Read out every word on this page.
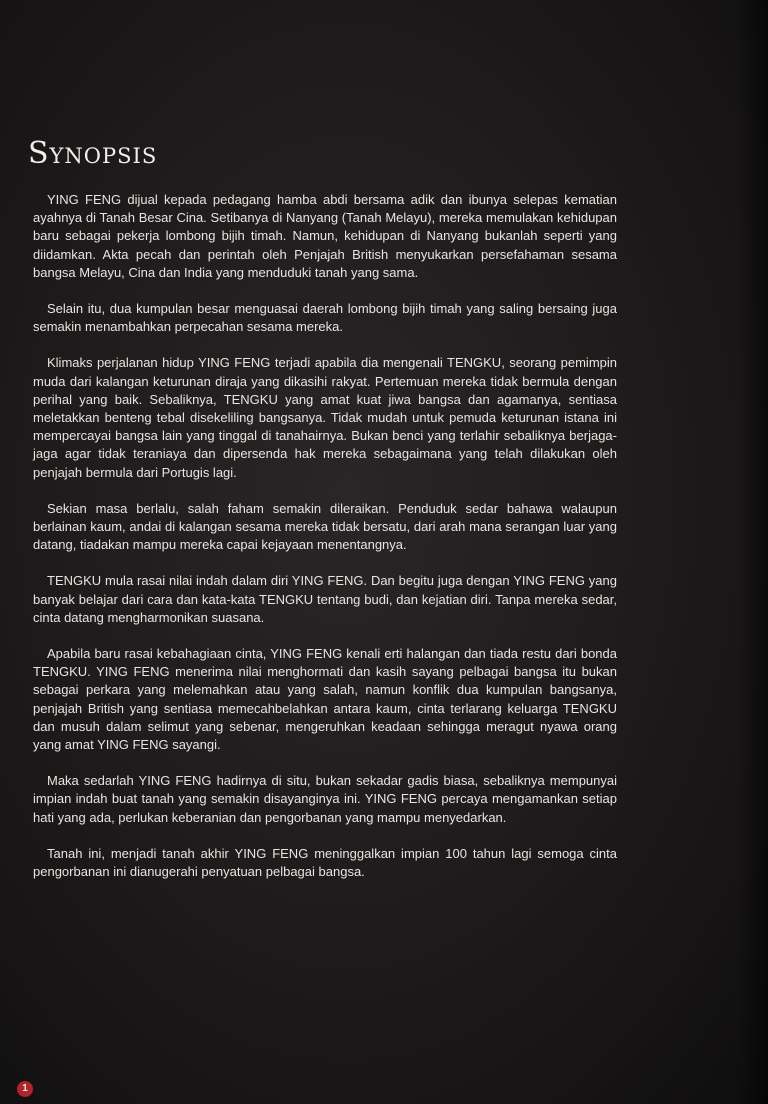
Synopsis

YING FENG dijual kepada pedagang hamba abdi bersama adik dan ibunya selepas kematian ayahnya di Tanah Besar Cina. Setibanya di Nanyang (Tanah Melayu), mereka memulakan kehidupan baru sebagai pekerja lombong bijih timah. Namun, kehidupan di Nanyang bukanlah seperti yang diidamkan. Akta pecah dan perintah oleh Penjajah British menyukarkan persefahaman sesama bangsa Melayu, Cina dan India yang menduduki tanah yang sama.

Selain itu, dua kumpulan besar menguasai daerah lombong bijih timah yang saling bersaing juga semakin menambahkan perpecahan sesama mereka.

Klimaks perjalanan hidup YING FENG terjadi apabila dia mengenali TENGKU, seorang pemimpin muda dari kalangan keturunan diraja yang dikasihi rakyat. Pertemuan mereka tidak bermula dengan perihal yang baik. Sebaliknya, TENGKU yang amat kuat jiwa bangsa dan agamanya, sentiasa meletakkan benteng tebal disekeliling bangsanya. Tidak mudah untuk pemuda keturunan istana ini mempercayai bangsa lain yang tinggal di tanahairnya. Bukan benci yang terlahir sebaliknya berjaga-jaga agar tidak teraniaya dan dipersenda hak mereka sebagaimana yang telah dilakukan oleh penjajah bermula dari Portugis lagi.

Sekian masa berlalu, salah faham semakin dileraikan. Penduduk sedar bahawa walaupun berlainan kaum, andai di kalangan sesama mereka tidak bersatu, dari arah mana serangan luar yang datang, tiadakan mampu mereka capai kejayaan menentangnya.

TENGKU mula rasai nilai indah dalam diri YING FENG. Dan begitu juga dengan YING FENG yang banyak belajar dari cara dan kata-kata TENGKU tentang budi, dan kejatian diri. Tanpa mereka sedar, cinta datang mengharmonikan suasana.

Apabila baru rasai kebahagiaan cinta, YING FENG kenali erti halangan dan tiada restu dari bonda TENGKU. YING FENG menerima nilai menghormati dan kasih sayang pelbagai bangsa itu bukan sebagai perkara yang melemahkan atau yang salah, namun konflik dua kumpulan bangsanya, penjajah British yang sentiasa memecahbelahkan antara kaum, cinta terlarang keluarga TENGKU dan musuh dalam selimut yang sebenar, mengeruhkan keadaan sehingga meragut nyawa orang yang amat YING FENG sayangi.

Maka sedarlah YING FENG hadirnya di situ, bukan sekadar gadis biasa, sebaliknya mempunyai impian indah buat tanah yang semakin disayanginya ini. YING FENG percaya mengamankan setiap hati yang ada, perlukan keberanian dan pengorbanan yang mampu menyedarkan.

Tanah ini, menjadi tanah akhir YING FENG meninggalkan impian 100 tahun lagi semoga cinta pengorbanan ini dianugerahi penyatuan pelbagai bangsa.

1
